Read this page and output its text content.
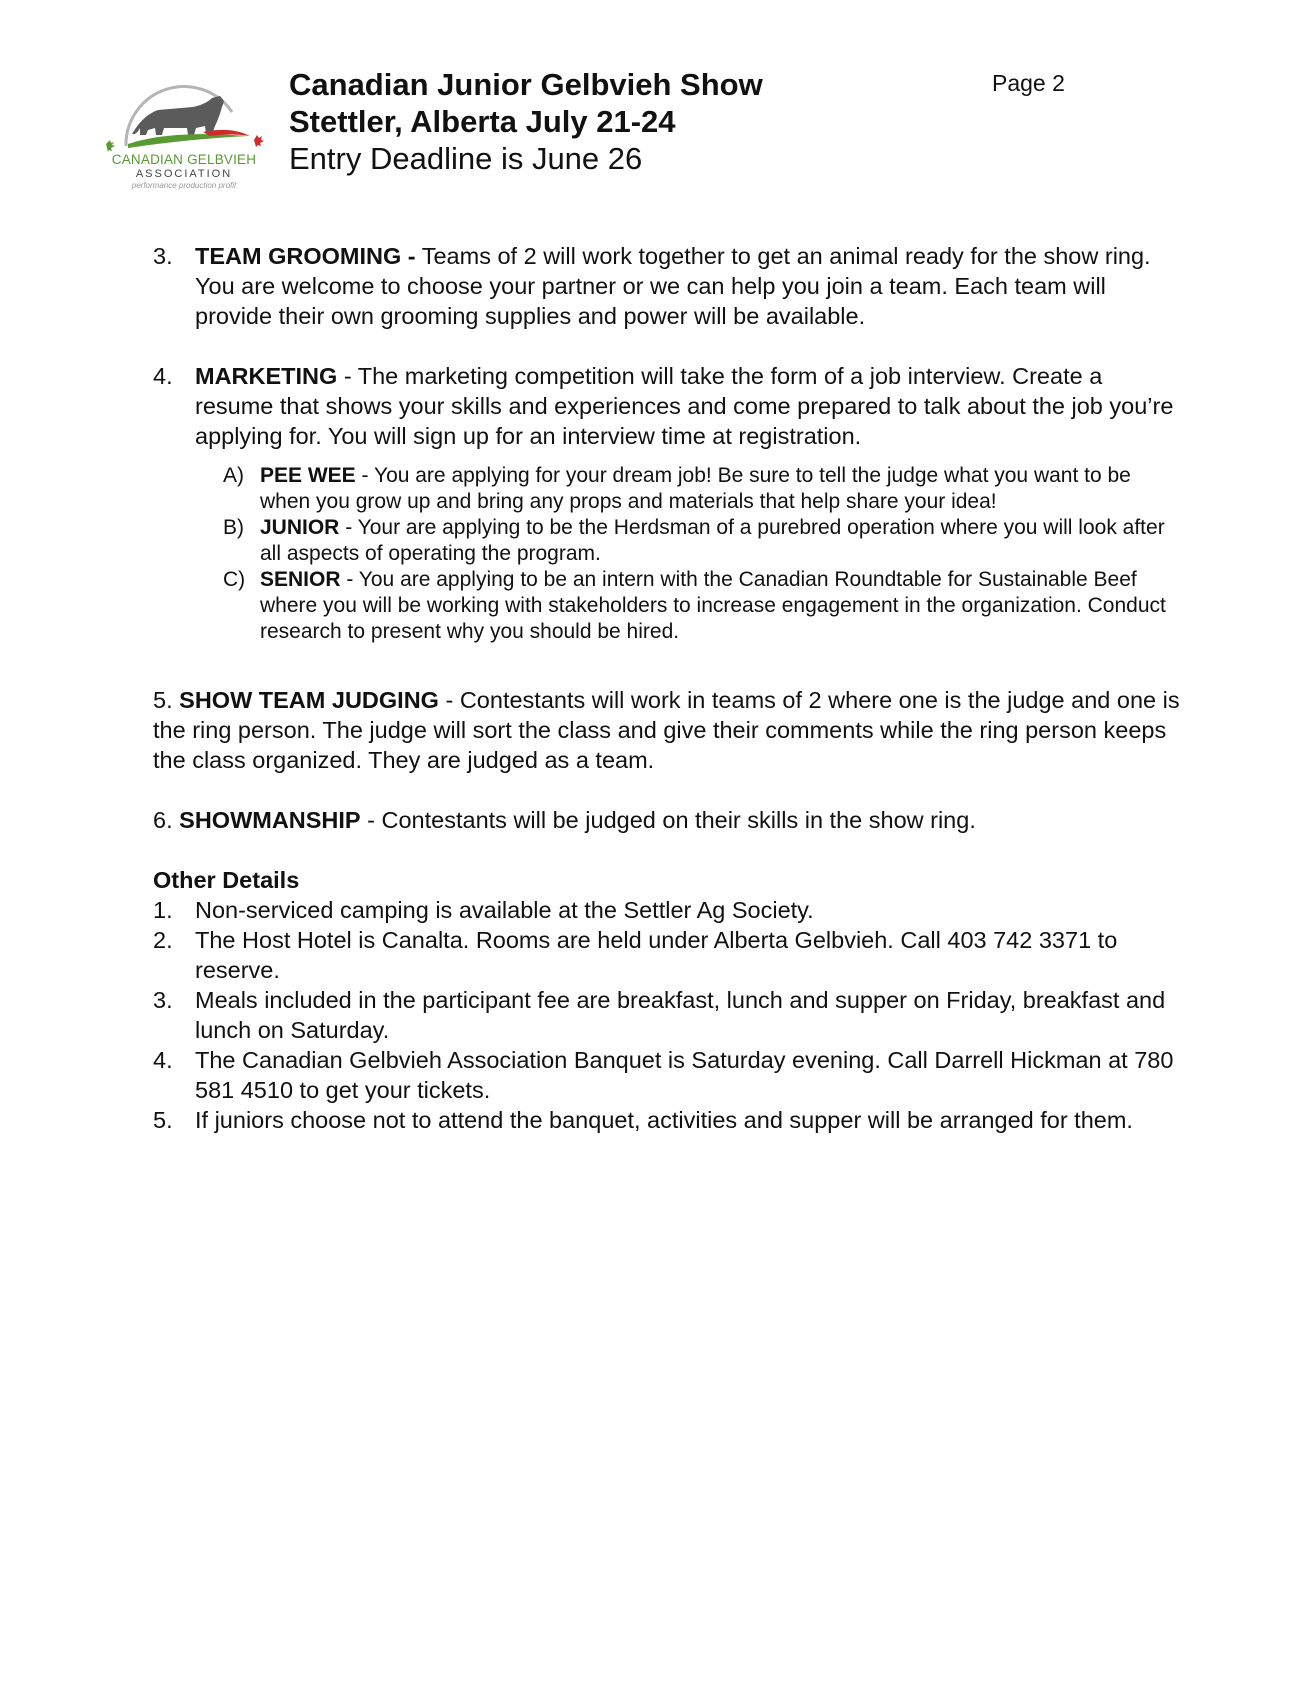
CANADIAN GELBVIEH
ASSOCIATION
performance production profit
Canadian Junior Gelbvieh Show
Stettler, Alberta July 21-24
Entry Deadline is June 26
Page 2
3. TEAM GROOMING - Teams of 2 will work together to get an animal ready for the show ring. You are welcome to choose your partner or we can help you join a team. Each team will provide their own grooming supplies and power will be available.
4. MARKETING - The marketing competition will take the form of a job interview. Create a resume that shows your skills and experiences and come prepared to talk about the job you’re applying for. You will sign up for an interview time at registration.
A) PEE WEE - You are applying for your dream job! Be sure to tell the judge what you want to be when you grow up and bring any props and materials that help share your idea!
B) JUNIOR - Your are applying to be the Herdsman of a purebred operation where you will look after all aspects of operating the program.
C) SENIOR - You are applying to be an intern with the Canadian Roundtable for Sustainable Beef where you will be working with stakeholders to increase engagement in the organization. Conduct research to present why you should be hired.
5. SHOW TEAM JUDGING - Contestants will work in teams of 2 where one is the judge and one is the ring person. The judge will sort the class and give their comments while the ring person keeps the class organized. They are judged as a team.
6. SHOWMANSHIP - Contestants will be judged on their skills in the show ring.
Other Details
1. Non-serviced camping is available at the Settler Ag Society.
2. The Host Hotel is Canalta. Rooms are held under Alberta Gelbvieh. Call 403 742 3371 to reserve.
3. Meals included in the participant fee are breakfast, lunch and supper on Friday, breakfast and lunch on Saturday.
4. The Canadian Gelbvieh Association Banquet is Saturday evening. Call Darrell Hickman at 780 581 4510 to get your tickets.
5. If juniors choose not to attend the banquet, activities and supper will be arranged for them.
